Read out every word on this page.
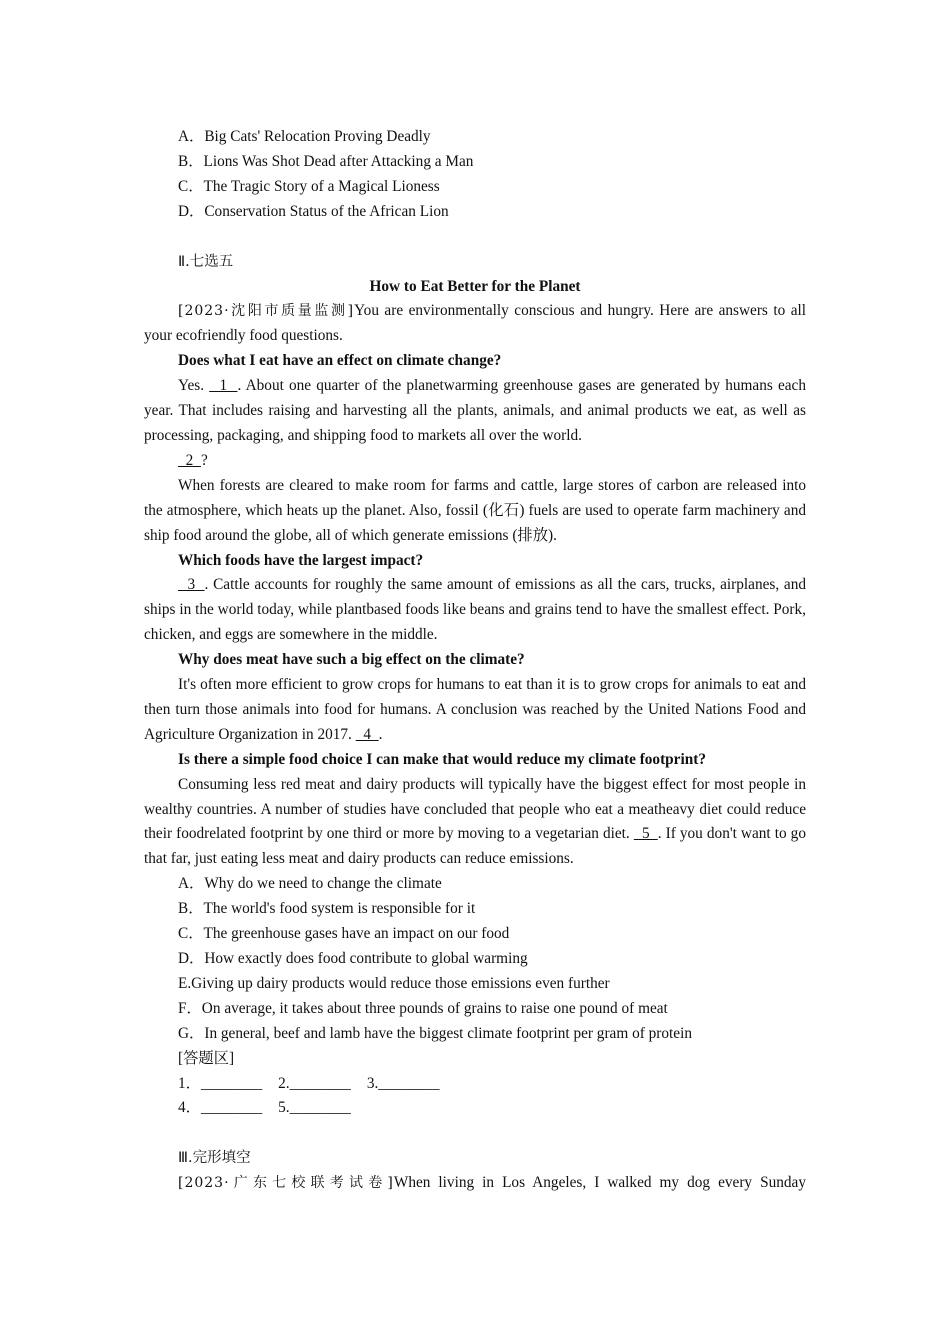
A．Big Cats' Relocation Proving Deadly

B．Lions Was Shot Dead after Attacking a Man

C．The Tragic Story of a Magical Lioness

D．Conservation Status of the African Lion

Ⅱ.七选五

How to Eat Better for the Planet

[2023·沈阳市质量监测]You are environmentally conscious and hungry. Here are answers to all your ecofriendly food questions.

Does what I eat have an effect on climate change?

Yes.   1  . About one quarter of the planetwarming greenhouse gases are generated by humans each year. That includes raising and harvesting all the plants, animals, and animal products we eat, as well as processing, packaging, and shipping food to markets all over the world.

2  ?

When forests are cleared to make room for farms and cattle, large stores of carbon are released into the atmosphere, which heats up the planet. Also, fossil (化石) fuels are used to operate farm machinery and ship food around the globe, all of which generate emissions (排放).

Which foods have the largest impact?

3  . Cattle accounts for roughly the same amount of emissions as all the cars, trucks, airplanes, and ships in the world today, while plantbased foods like beans and grains tend to have the smallest effect. Pork, chicken, and eggs are somewhere in the middle.

Why does meat have such a big effect on the climate?

It's often more efficient to grow crops for humans to eat than it is to grow crops for animals to eat and then turn those animals into food for humans. A conclusion was reached by the United Nations Food and Agriculture Organization in 2017.   4  .

Is there a simple food choice I can make that would reduce my climate footprint?

Consuming less red meat and dairy products will typically have the biggest effect for most people in wealthy countries. A number of studies have concluded that people who eat a meatheavy diet could reduce their foodrelated footprint by one third or more by moving to a vegetarian diet.   5  . If you don't want to go that far, just eating less meat and dairy products can reduce emissions.

A．Why do we need to change the climate

B．The world's food system is responsible for it

C．The greenhouse gases have an impact on our food

D．How exactly does food contribute to global warming

E.Giving up dairy products would reduce those emissions even further

F．On average, it takes about three pounds of grains to raise one pound of meat

G．In general, beef and lamb have the biggest climate footprint per gram of protein

[答题区]

1．________ 2.________ 3.________

4．________ 5.________

Ⅲ.完形填空

[2023·广东七校联考试卷]When living in Los Angeles, I walked my dog every Sunday
